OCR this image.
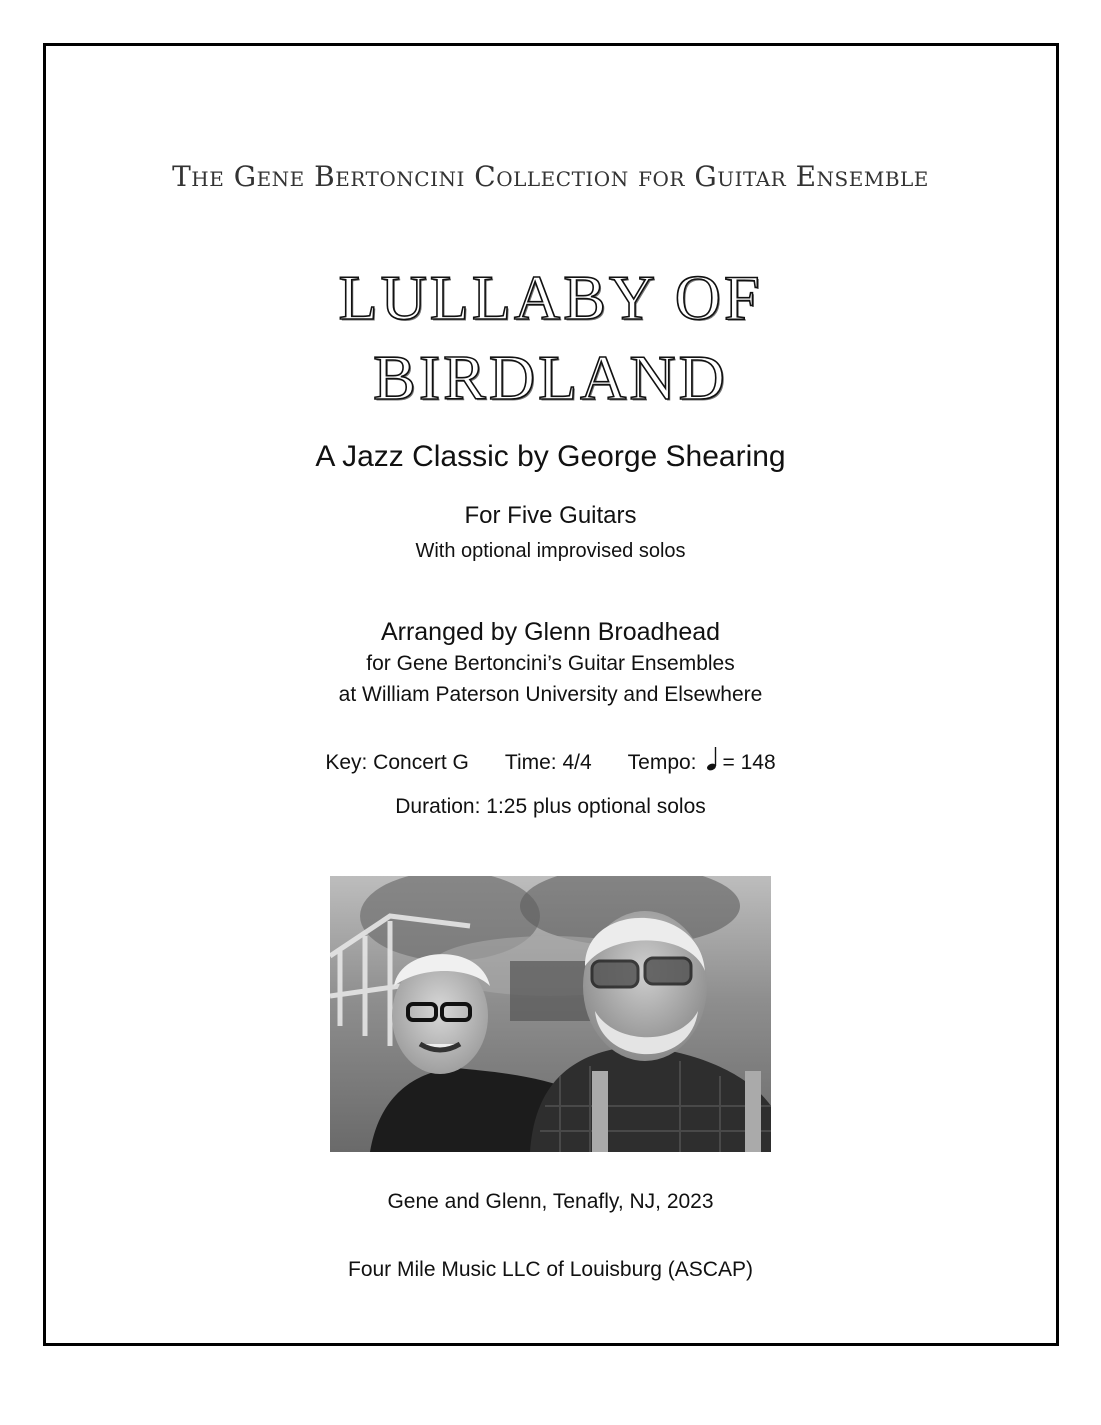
The Gene Bertoncini Collection for Guitar Ensemble
LULLABY OF
BIRDLAND
A Jazz Classic by George Shearing
For Five Guitars
With optional improvised solos
Arranged by Glenn Broadhead
for Gene Bertoncini’s Guitar Ensembles
at William Paterson University and Elsewhere
Key: Concert G Time: 4/4 Tempo: = 148
Duration: 1:25 plus optional solos
Gene and Glenn, Tenafly, NJ, 2023
Four Mile Music LLC of Louisburg (ASCAP)
